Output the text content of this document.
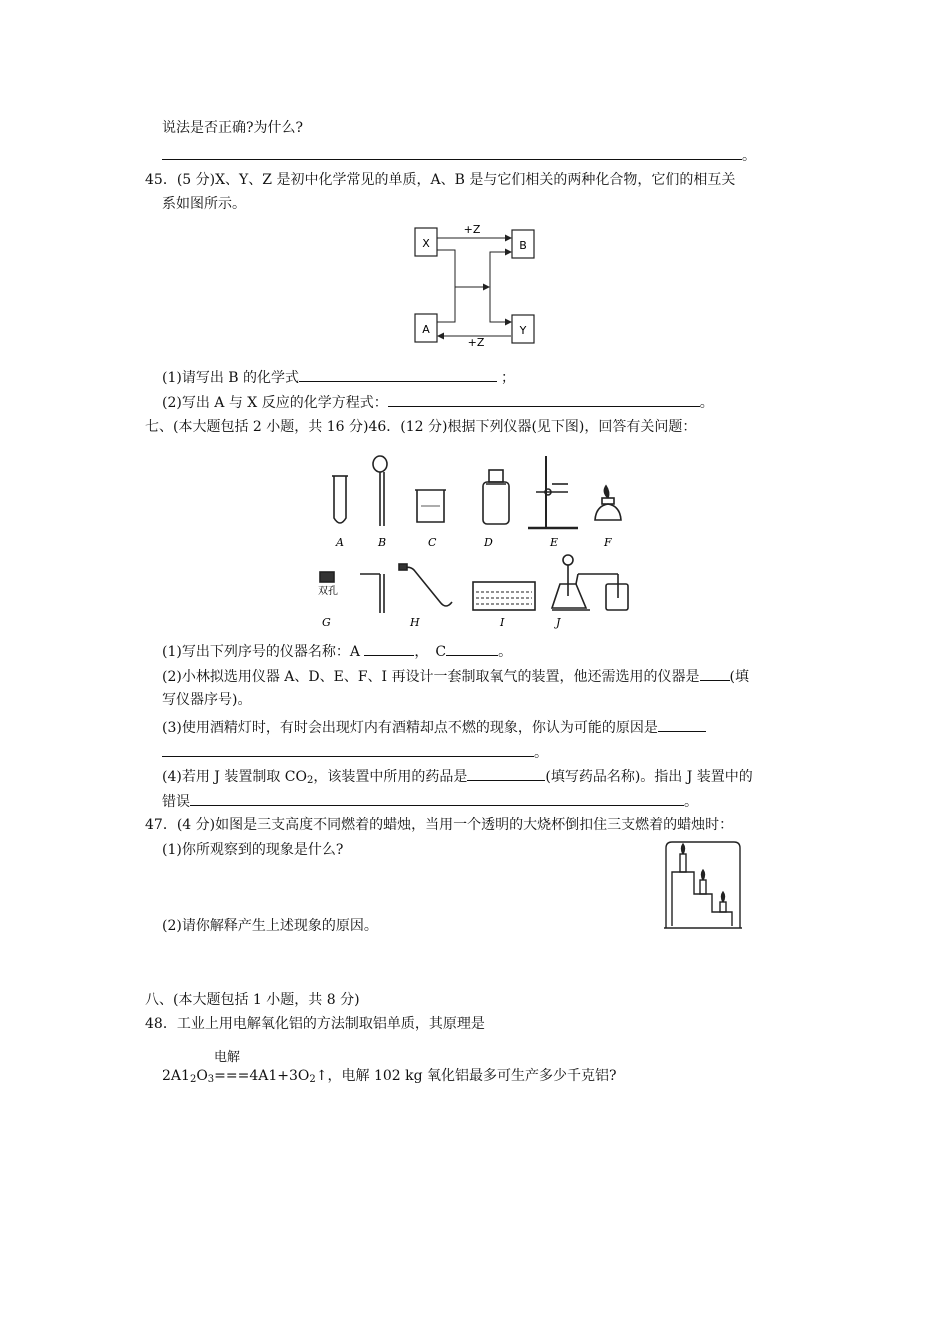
说法是否正确?为什么?
。
45．(5 分)X、Y、Z 是初中化学常见的单质，A、B 是与它们相关的两种化合物，它们的相互关
系如图所示。
X	B
A	Y
+Z
+Z
(1)请写出 B 的化学式	；
(2)写出 A 与 X 反应的化学方程式：	。
七、(本大题包括 2 小题，共 16 分)46．(12 分)根据下列仪器(见下图)，回答有关问题：
A	B	C	D	E	F
双孔
G	H	I	J
(1)写出下列序号的仪器名称：A	，　C	。
(2)小林拟选用仪器 A、D、E、F、I 再设计一套制取氧气的装置，他还需选用的仪器是 (填
写仪器序号)。
(3)使用酒精灯时，有时会出现灯内有酒精却点不燃的现象，你认为可能的原因是
。
(4)若用 J 装置制取 $CO_2$，该装置中所用的药品是	(填写药品名称)。指出 J 装置中的
错误	。
47．(4 分)如图是三支高度不同燃着的蜡烛，当用一个透明的大烧杯倒扣住三支燃着的蜡烛时：
(1)你所观察到的现象是什么?
(2)请你解释产生上述现象的原因。
八、(本大题包括 1 小题，共 8 分)
48．工业上用电解氧化铝的方法制取铝单质，其原理是
电解
$2A1_2O_3===4A1+3O_2↑$，电解 102 kg 氧化铝最多可生产多少千克铝?
